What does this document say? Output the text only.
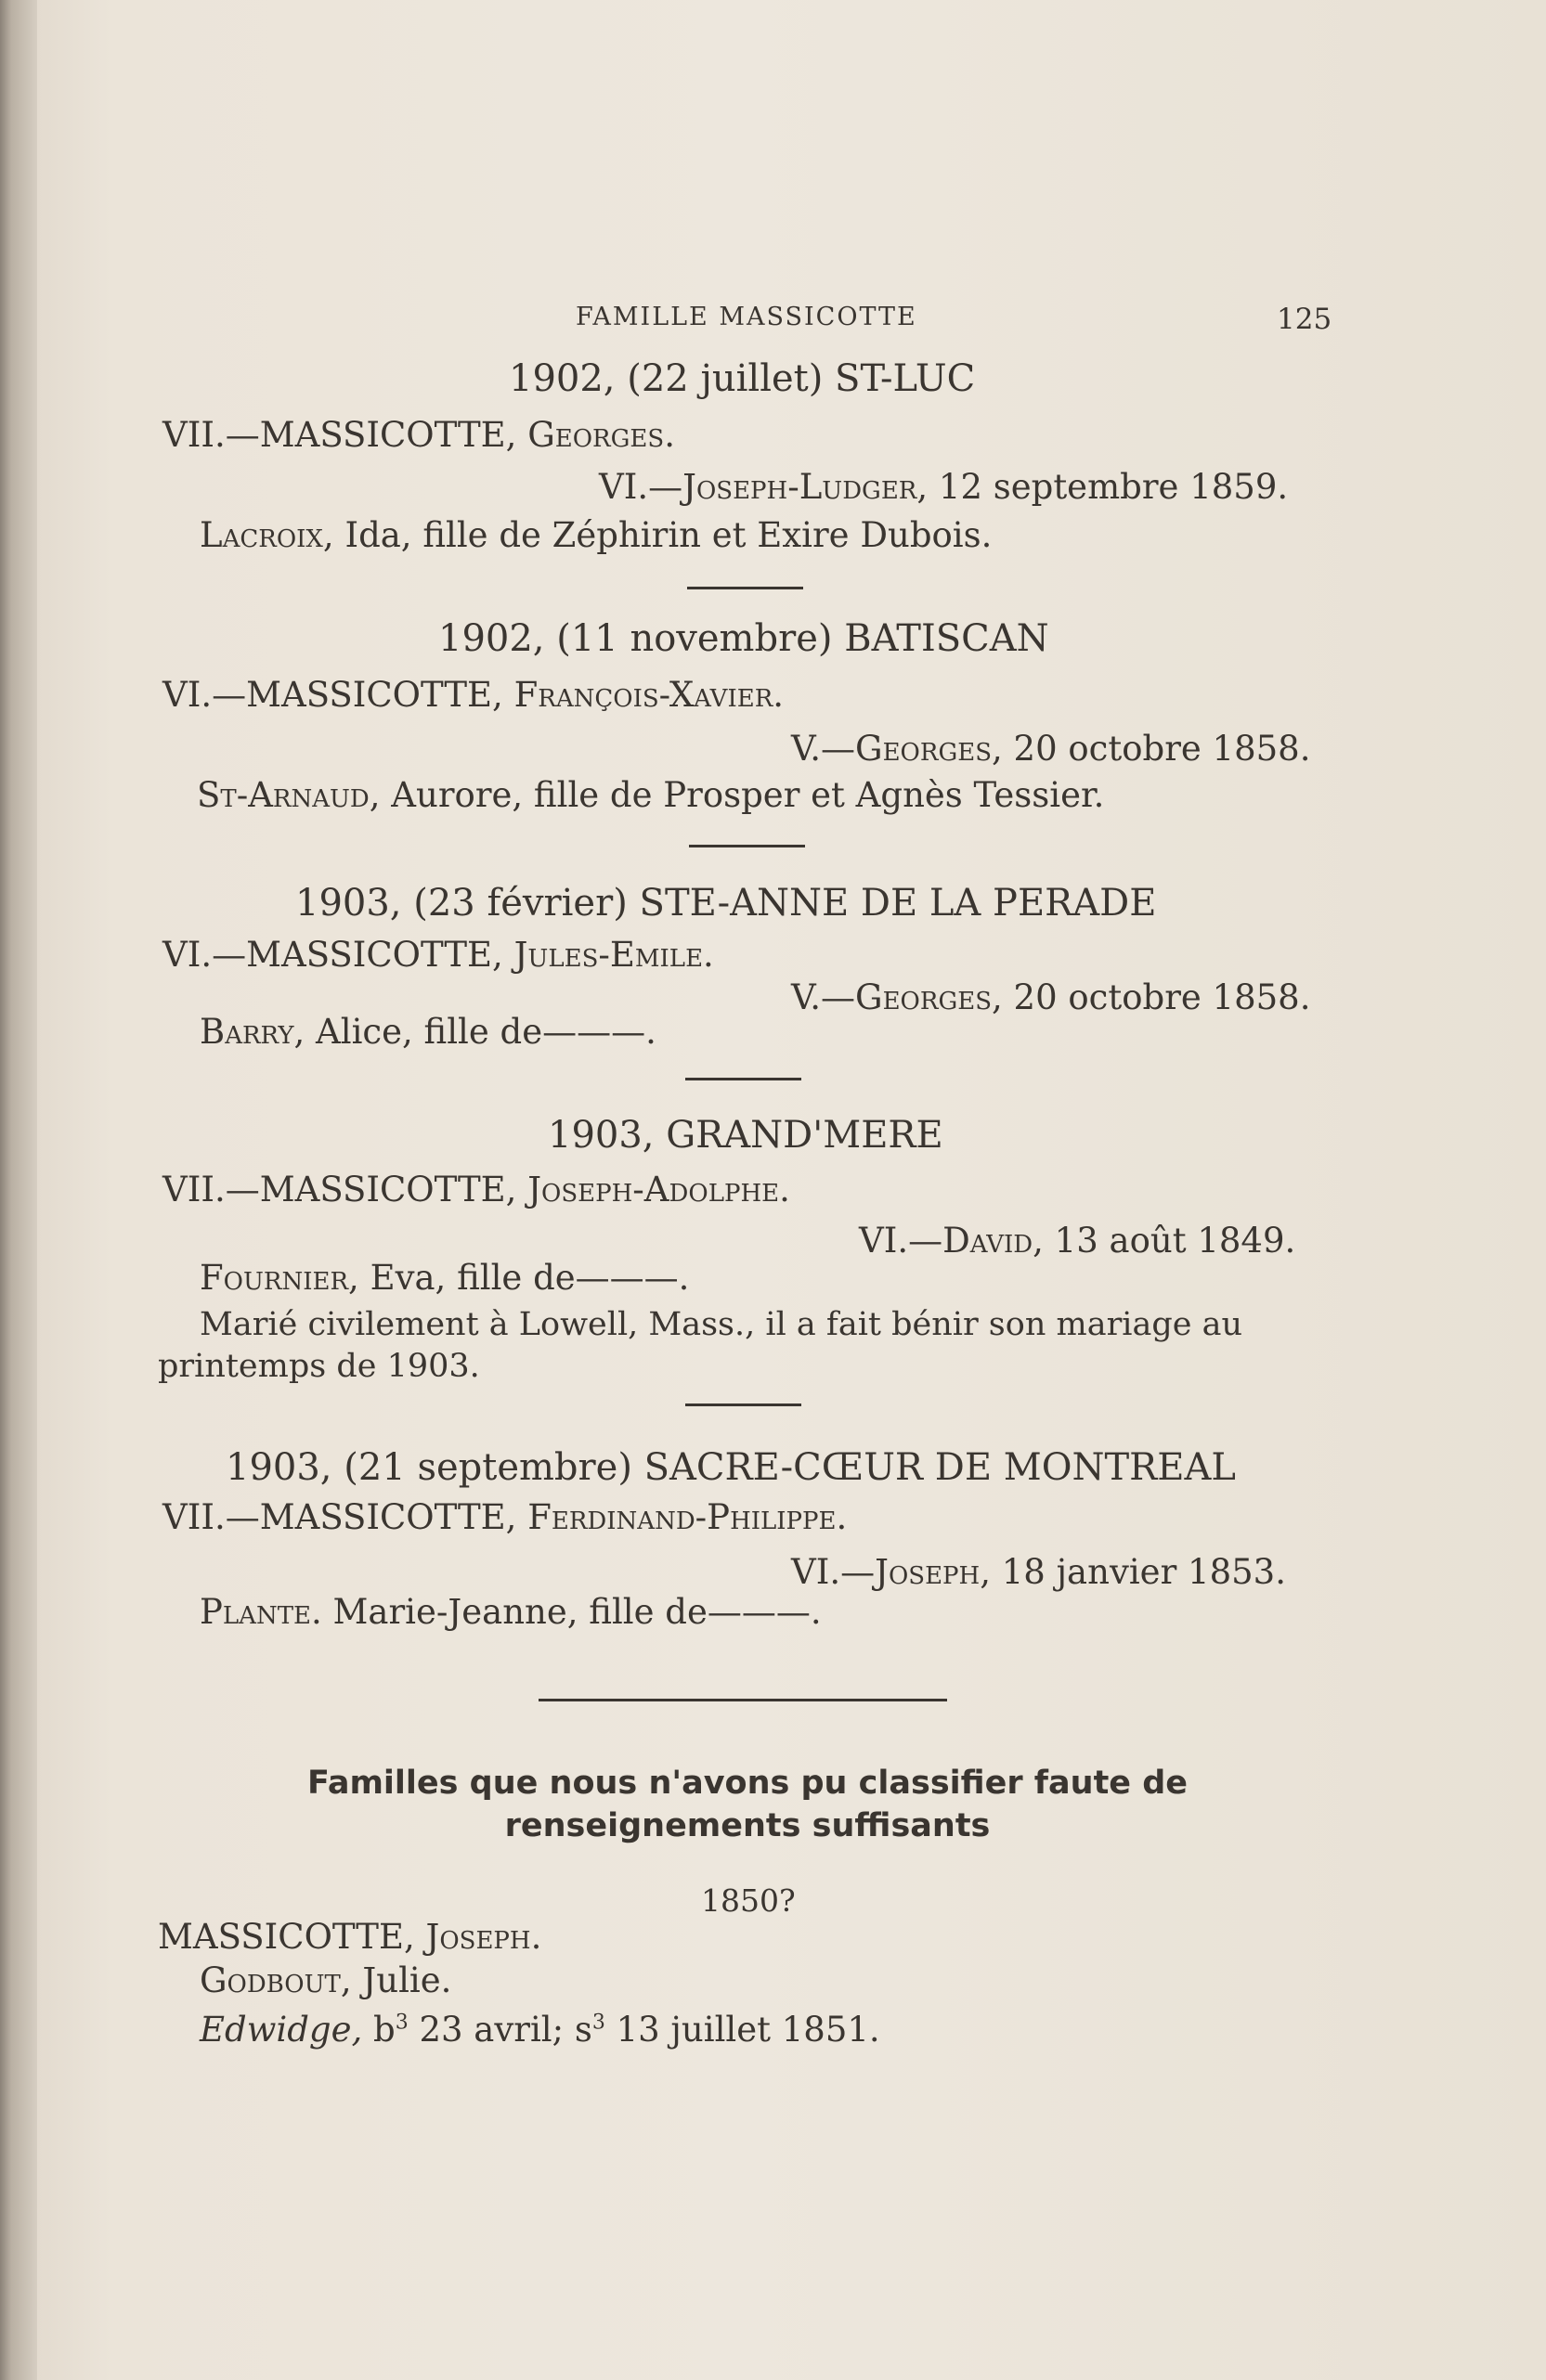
FAMILLE MASSICOTTE	125
1902, (22 juillet) ST-LUC
VII.—MASSICOTTE, Georges.
VI.—Joseph-Ludger, 12 septembre 1859.
Lacroix, Ida, fille de Zéphirin et Exire Dubois.
1902, (11 novembre) BATISCAN
VI.—MASSICOTTE, François-Xavier.
V.—Georges, 20 octobre 1858.
St-Arnaud, Aurore, fille de Prosper et Agnès Tessier.
1903, (23 février) STE-ANNE DE LA PERADE
VI.—MASSICOTTE, Jules-Emile.
V.—Georges, 20 octobre 1858.
Barry, Alice, fille de———.
1903, GRAND'MERE
VII.—MASSICOTTE, Joseph-Adolphe.
VI.—David, 13 août 1849.
Fournier, Eva, fille de———.
Marié civilement à Lowell, Mass., il a fait bénir son mariage au
printemps de 1903.
1903, (21 septembre) SACRE-CŒUR DE MONTREAL
VII.—MASSICOTTE, Ferdinand-Philippe.
VI.—Joseph, 18 janvier 1853.
Plante. Marie-Jeanne, fille de———.
Familles que nous n'avons pu classifier faute de renseignements suffisants
1850?
MASSICOTTE, Joseph.
Godbout, Julie.
Edwidge, $b^3$ 23 avril; $s^3$ 13 juillet 1851.
